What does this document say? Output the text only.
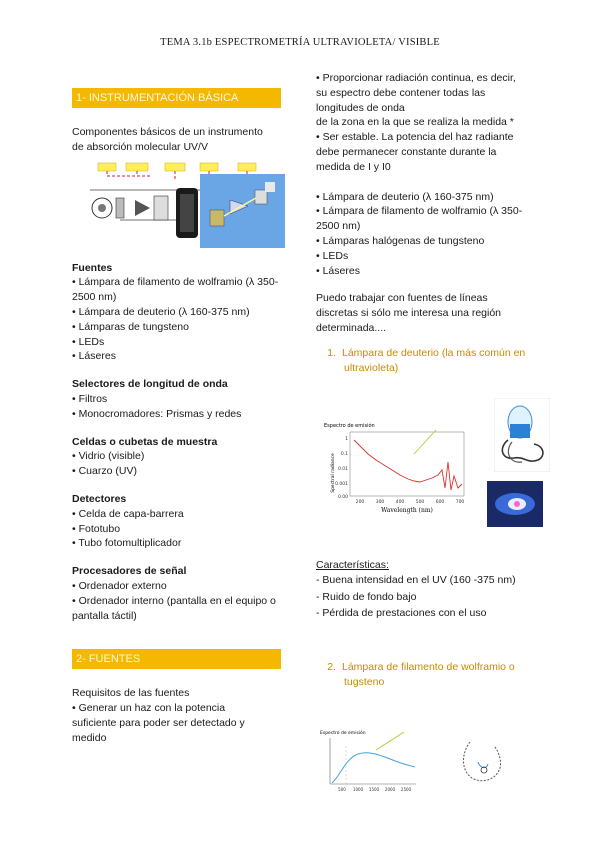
TEMA 3.1b ESPECTROMETRÍA ULTRAVIOLETA/ VISIBLE
1- INSTRUMENTACIÓN BÁSICA

Componentes básicos de un instrumento de absorción molecular UV/V

Fuentes

• Lámpara de filamento de wolframio (λ 350-2500 nm)

• Lámpara de deuterio (λ 160-375 nm)

• Lámparas de tungsteno

• LEDs

• Láseres

Selectores de longitud de onda

• Filtros

• Monocromadores: Prismas y redes

Celdas o cubetas de muestra

• Vidrio (visible)

• Cuarzo (UV)

Detectores

• Celda de capa-barrera

• Fototubo

• Tubo fotomultiplicador

Procesadores de señal

• Ordenador externo

• Ordenador interno (pantalla en el equipo o pantalla táctil)

2- FUENTES

Requisitos de las fuentes

• Generar un haz con la potencia suficiente para poder ser detectado y medido

• Proporcionar radiación continua, es decir, su espectro debe contener todas las longitudes de onda

de la zona en la que se realiza la medida *

• Ser estable. La potencia del haz radiante debe permanecer constante durante la medida de I y I0

• Lámpara de deuterio (λ 160-375 nm)

• Lámpara de filamento de wolframio (λ 350-2500 nm)

• Lámparas halógenas de tungsteno

• LEDs

• Láseres

Puedo trabajar con fuentes de líneas discretas si sólo me interesa una región determinada....

1. Lámpara de deuterio (la más común en ultravioleta)

Características:

- Buena intensidad en el UV (160 -375 nm)

- Ruido de fondo bajo

- Pérdida de prestaciones con el uso

2. Lámpara de filamento de wolframio o tugsteno

Espectro de emisión
Spectral radiance
1
0.1
0.01
0.001
0.00
200	300	400	500	600	700
Wavelength (nm)
Espectro de emisión
500 1000 1500 2000 2500
